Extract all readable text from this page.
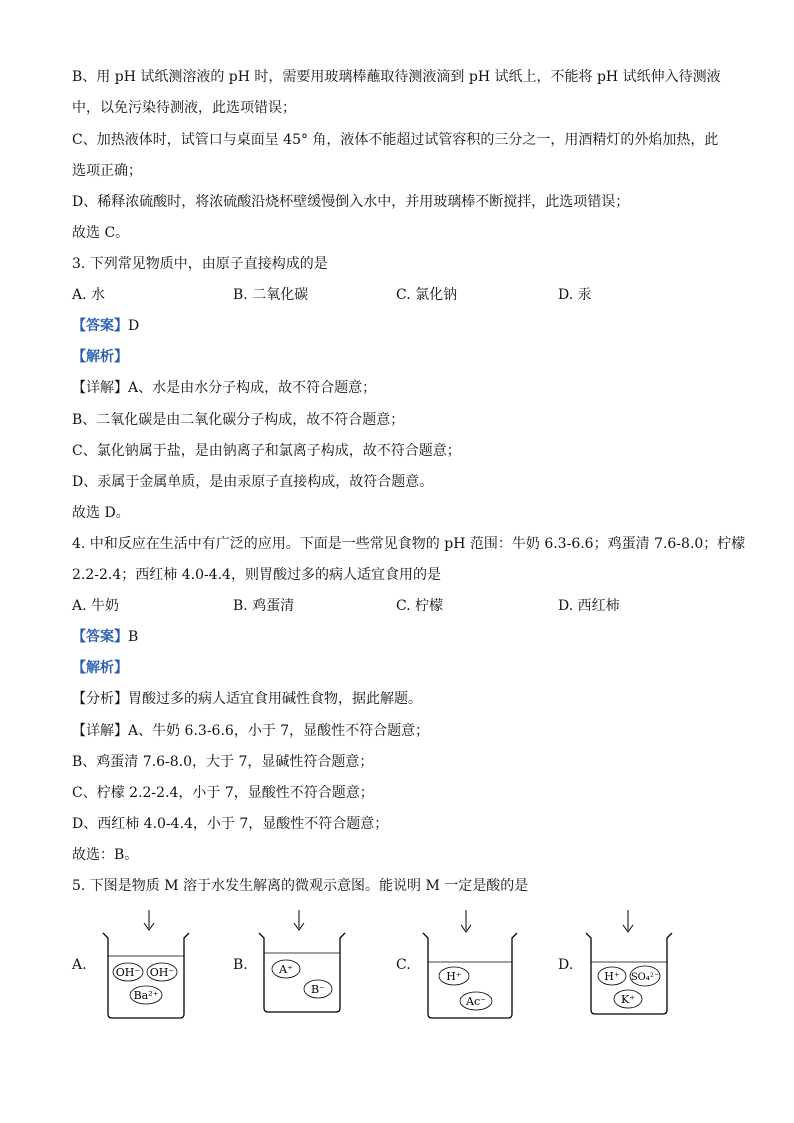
B、用 pH 试纸测溶液的 pH 时，需要用玻璃棒蘸取待测液滴到 pH 试纸上，不能将 pH 试纸伸入待测液
中，以免污染待测液，此选项错误；
C、加热液体时，试管口与桌面呈 45° 角，液体不能超过试管容积的三分之一，用酒精灯的外焰加热，此
选项正确；
D、稀释浓硫酸时，将浓硫酸沿烧杯壁缓慢倒入水中，并用玻璃棒不断搅拌，此选项错误；
故选 C。
3. 下列常见物质中，由原子直接构成的是
A. 水	B. 二氧化碳	C. 氯化钠	D. 汞
【答案】D
【解析】
【详解】A、水是由水分子构成，故不符合题意；
B、二氧化碳是由二氧化碳分子构成，故不符合题意；
C、氯化钠属于盐，是由钠离子和氯离子构成，故不符合题意；
D、汞属于金属单质，是由汞原子直接构成，故符合题意。
故选 D。
4. 中和反应在生活中有广泛的应用。下面是一些常见食物的 pH 范围：牛奶 6.3-6.6；鸡蛋清 7.6-8.0；柠檬
2.2-2.4；西红柿 4.0-4.4，则胃酸过多的病人适宜食用的是
A. 牛奶	B. 鸡蛋清	C. 柠檬	D. 西红柿
【答案】B
【解析】
【分析】胃酸过多的病人适宜食用碱性食物，据此解题。
【详解】A、牛奶 6.3-6.6，小于 7，显酸性不符合题意；
B、鸡蛋清 7.6-8.0，大于 7，显碱性符合题意；
C、柠檬 2.2-2.4，小于 7，显酸性不符合题意；
D、西红柿 4.0-4.4，小于 7，显酸性不符合题意；
故选：B。
5. 下图是物质 M 溶于水发生解离的微观示意图。能说明 M 一定是酸的是
A.	OH⁻ OH⁻
Ba²⁺
B.	A⁺
B⁻
C.
H⁺
Ac⁻
D.
H⁺ SO₄²⁻
K⁺
